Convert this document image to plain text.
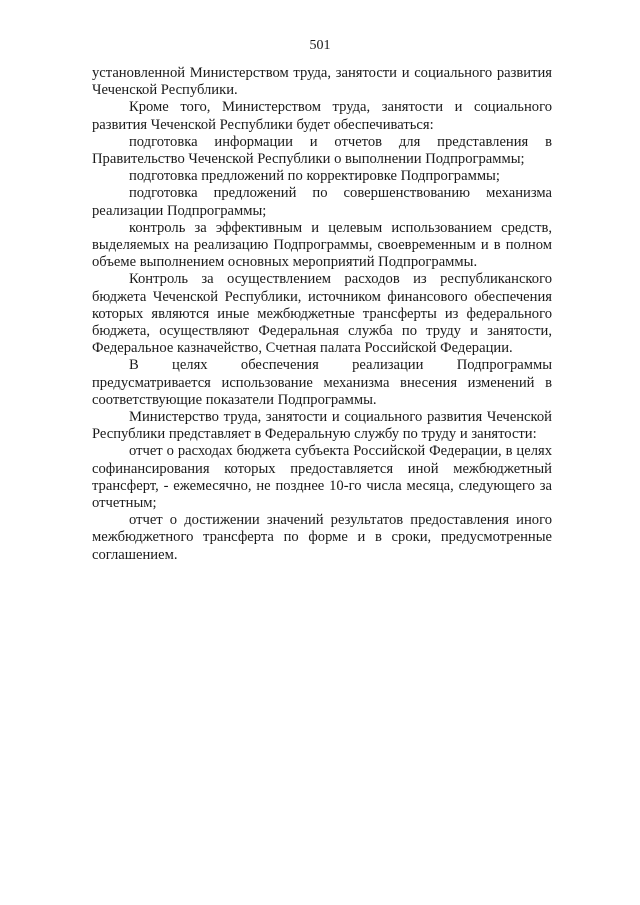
501

установленной Министерством труда, занятости и социального развития Чеченской Республики.

Кроме того, Министерством труда, занятости и социального развития Чеченской Республики будет обеспечиваться:

подготовка информации и отчетов для представления в Правительство Чеченской Республики о выполнении Подпрограммы;

подготовка предложений по корректировке Подпрограммы;

подготовка предложений по совершенствованию механизма реализации Подпрограммы;

контроль за эффективным и целевым использованием средств, выделяемых на реализацию Подпрограммы, своевременным и в полном объеме выполнением основных мероприятий Подпрограммы.

Контроль за осуществлением расходов из республиканского бюджета Чеченской Республики, источником финансового обеспечения которых являются иные межбюджетные трансферты из федерального бюджета, осуществляют Федеральная служба по труду и занятости, Федеральное казначейство, Счетная палата Российской Федерации.

В целях обеспечения реализации Подпрограммы предусматривается использование механизма внесения изменений в соответствующие показатели Подпрограммы.

Министерство труда, занятости и социального развития Чеченской Республики представляет в Федеральную службу по труду и занятости:

отчет о расходах бюджета субъекта Российской Федерации, в целях софинансирования которых предоставляется иной межбюджетный трансферт, - ежемесячно, не позднее 10-го числа месяца, следующего за отчетным;

отчет о достижении значений результатов предоставления иного межбюджетного трансферта по форме и в сроки, предусмотренные соглашением.
